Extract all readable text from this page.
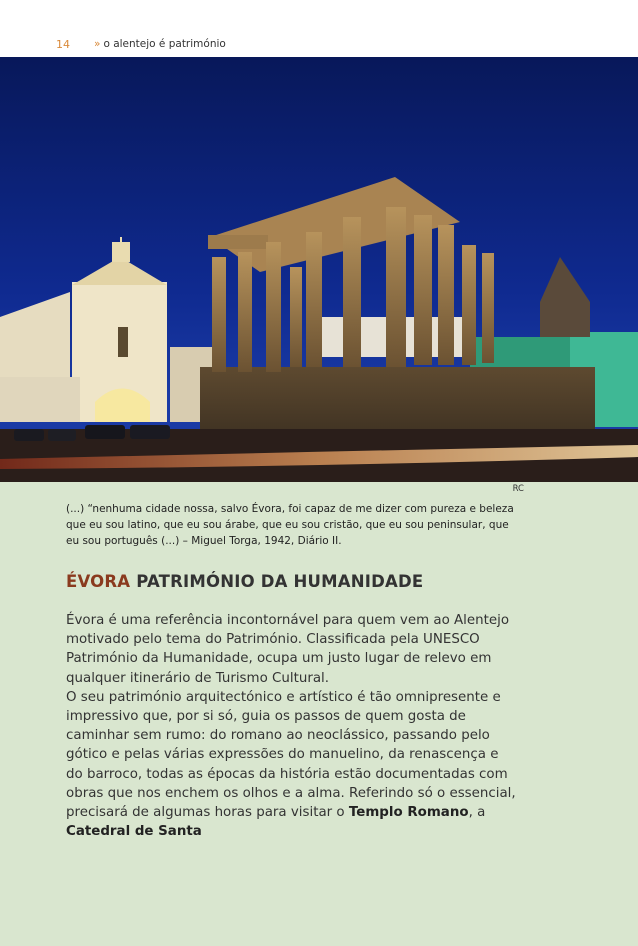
14 » o alentejo é património
RC

(...) “nenhuma cidade nossa, salvo Évora, foi capaz de me dizer com pureza e beleza que eu sou latino, que eu sou árabe, que eu sou cristão, que eu sou peninsular, que eu sou português (...) – Miguel Torga, 1942, Diário II.

ÉVORA PATRIMÓNIO DA HUMANIDADE

Évora é uma referência incontornável para quem vem ao Alentejo motivado pelo tema do Património. Classificada pela UNESCO Património da Humanidade, ocupa um justo lugar de relevo em qualquer itinerário de Turismo Cultural.

O seu património arquitectónico e artístico é tão omnipresente e impressivo que, por si só, guia os passos de quem gosta de caminhar sem rumo: do romano ao neoclássico, passando pelo gótico e pelas várias expressões do manuelino, da renascença e do barroco, todas as épocas da história estão documentadas com obras que nos enchem os olhos e a alma. Referindo só o essencial, precisará de algumas horas para visitar o Templo Romano, a Catedral de Santa
